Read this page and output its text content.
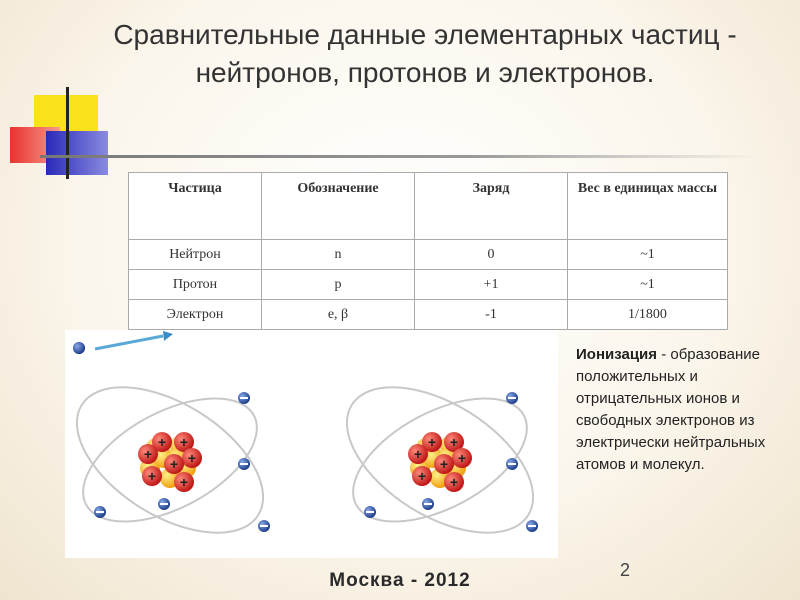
Сравнительные данные элементарных частиц - нейтронов, протонов и электронов.
Частица	Обозначение	Заряд	Вес в единицах массы
Нейтрон	n	0	~1
Протон	p	+1	~1
Электрон	e, β	-1	1/1800
+ +
+	+
+
+
+
+ +
+	+
+
+
+
Ионизация - образование положительных и отрицательных ионов и свободных электронов из электрически нейтральных атомов и молекул.
2
Москва - 2012
